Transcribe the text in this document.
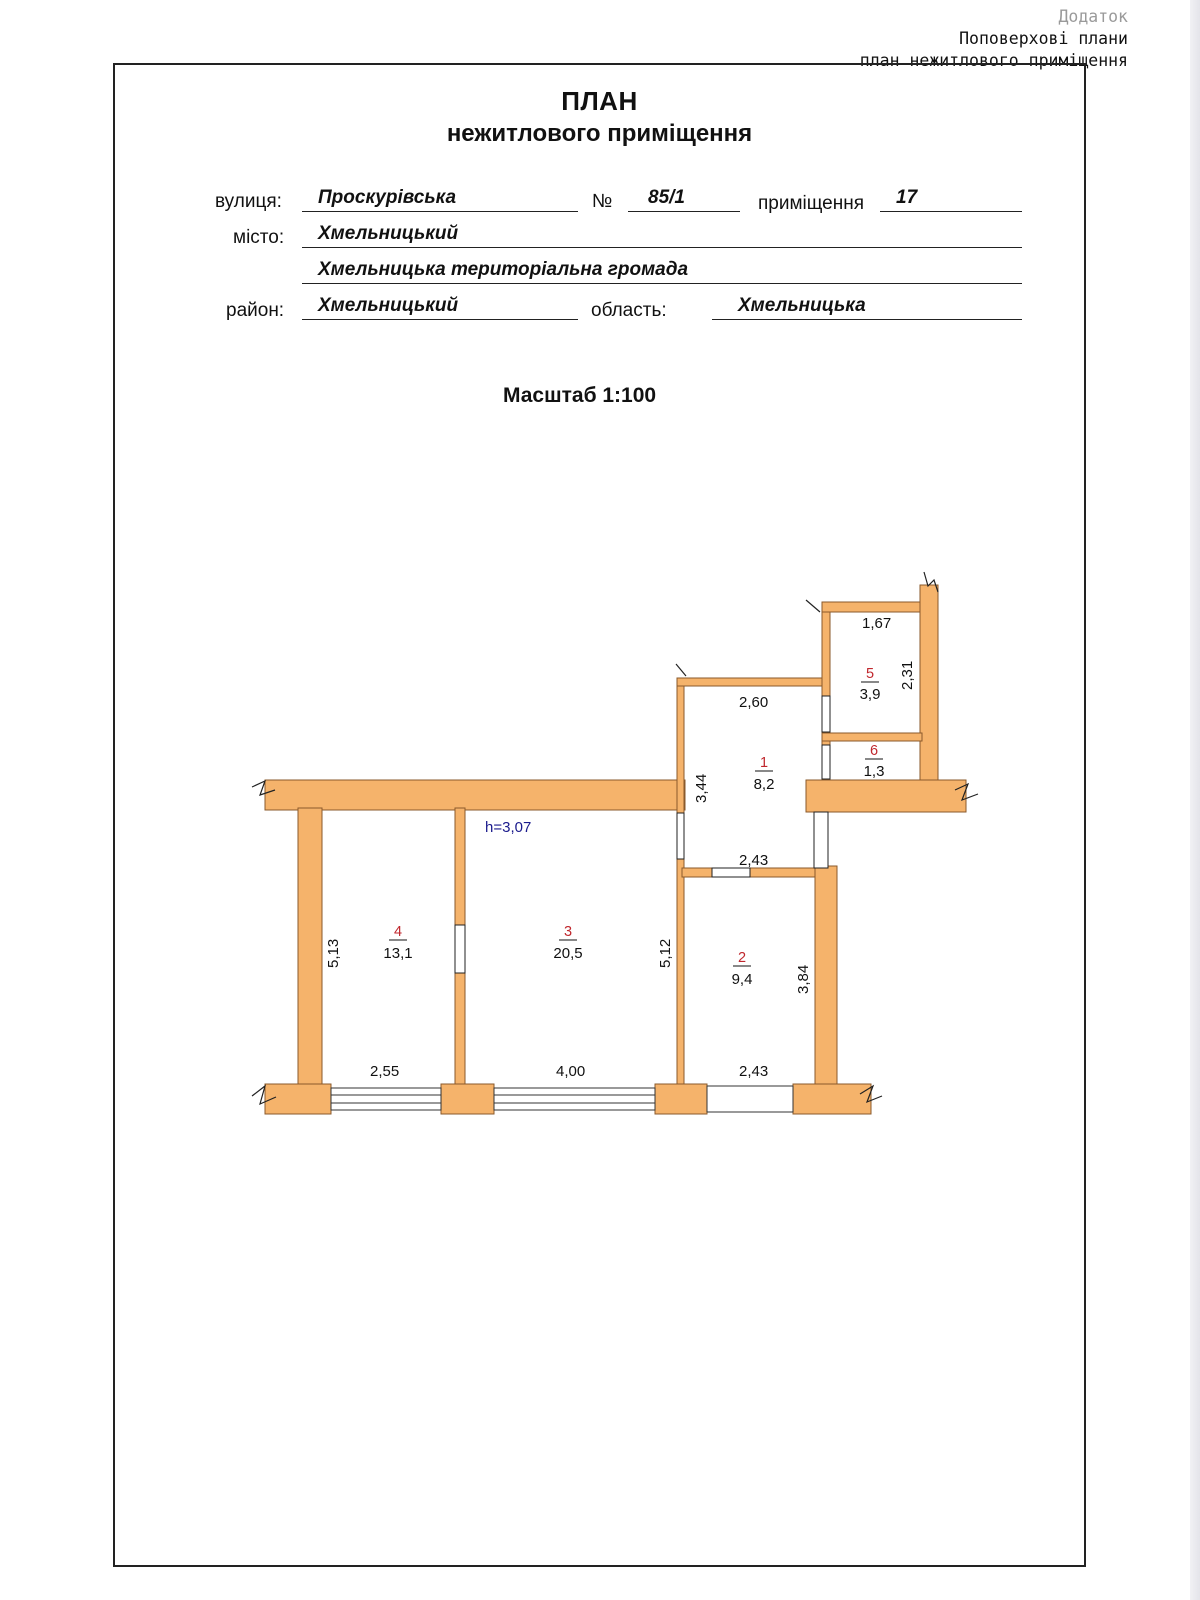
Додаток
Поповерхові плани
план нежитлового приміщення
ПЛАН
нежитлового приміщення
вулиця: Проскурівська	№ 85/1	приміщення 17
місто: Хмельницький
Хмельницька територіальна громада
район: Хмельницький	область:	Хмельницька
Масштаб 1:100
1,67
2,31
2,60
3,44
2,43
5,13	5,12
3,84
2,55	4,00	2,43
h=3,07
1
8,2
2
9,4
3
20,5
4
13,1
5
3,9
6
1,3
